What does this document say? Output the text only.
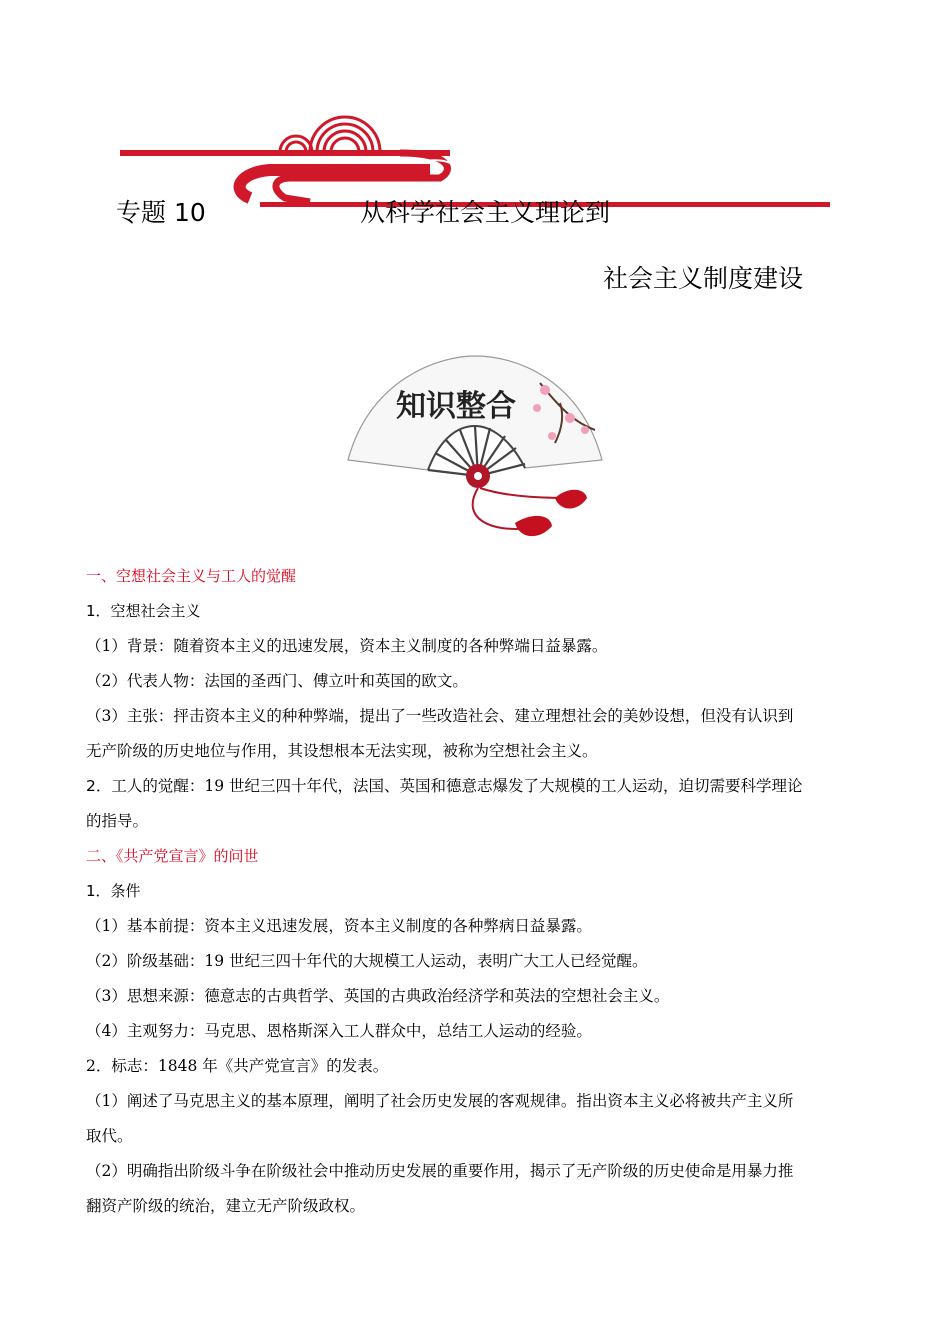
专题 10	从科学社会主义理论到
社会主义制度建设
知识整合
一、空想社会主义与工人的觉醒
1．空想社会主义
（1）背景：随着资本主义的迅速发展，资本主义制度的各种弊端日益暴露。
（2）代表人物：法国的圣西门、傅立叶和英国的欧文。
（3）主张：抨击资本主义的种种弊端，提出了一些改造社会、建立理想社会的美妙设想，但没有认识到
无产阶级的历史地位与作用，其设想根本无法实现，被称为空想社会主义。
2．工人的觉醒：19 世纪三四十年代，法国、英国和德意志爆发了大规模的工人运动，迫切需要科学理论
的指导。
二、《共产党宣言》的问世
1．条件
（1）基本前提：资本主义迅速发展，资本主义制度的各种弊病日益暴露。
（2）阶级基础：19 世纪三四十年代的大规模工人运动，表明广大工人已经觉醒。
（3）思想来源：德意志的古典哲学、英国的古典政治经济学和英法的空想社会主义。
（4）主观努力：马克思、恩格斯深入工人群众中，总结工人运动的经验。
2．标志：1848 年《共产党宣言》的发表。
（1）阐述了马克思主义的基本原理，阐明了社会历史发展的客观规律。指出资本主义必将被共产主义所
取代。
（2）明确指出阶级斗争在阶级社会中推动历史发展的重要作用，揭示了无产阶级的历史使命是用暴力推
翻资产阶级的统治，建立无产阶级政权。
